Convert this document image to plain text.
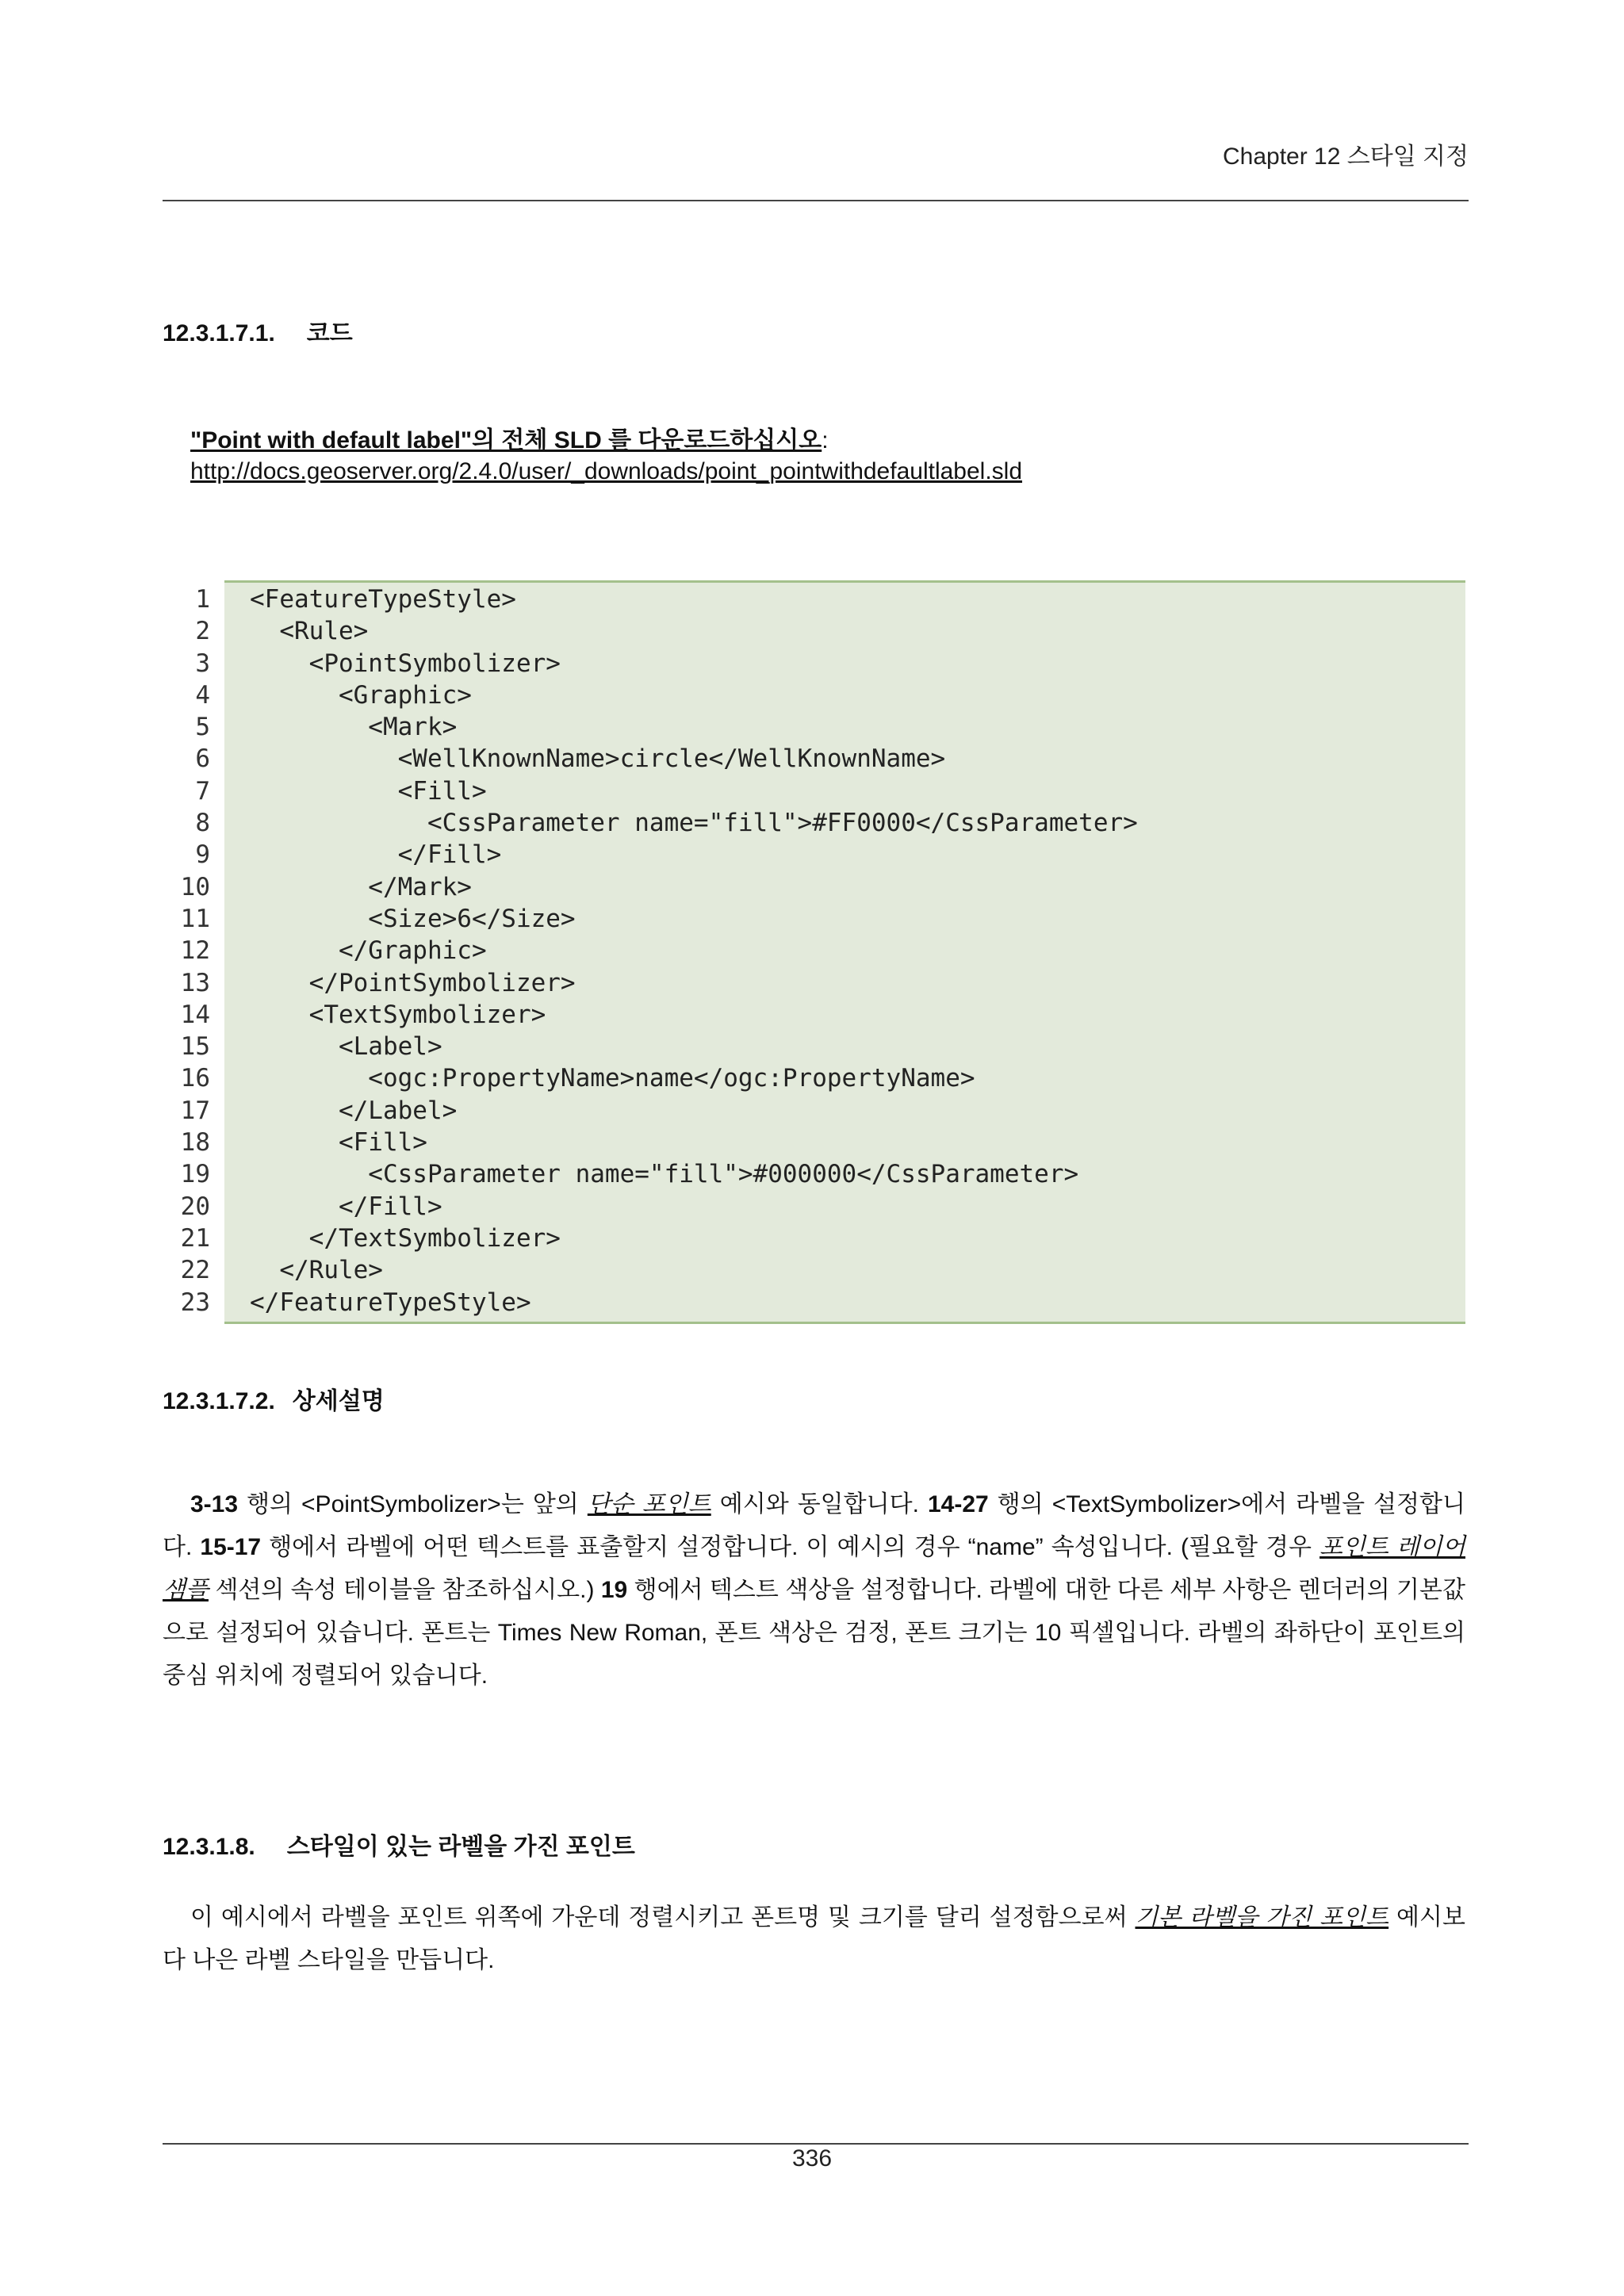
Chapter 12 스타일 지정
12.3.1.7.1. 코드
"Point with default label"의 전체 SLD 를 다운로드하십시오:
http://docs.geoserver.org/2.4.0/user/_downloads/point_pointwithdefaultlabel.sld
1 <FeatureTypeStyle>
2  <Rule>
3    <PointSymbolizer>
4      <Graphic>
5        <Mark>
6          <WellKnownName>circle</WellKnownName>
7          <Fill>
8            <CssParameter name="fill">#FF0000</CssParameter>
9          </Fill>
10        </Mark>
11        <Size>6</Size>
12      </Graphic>
13    </PointSymbolizer>
14    <TextSymbolizer>
15      <Label>
16        <ogc:PropertyName>name</ogc:PropertyName>
17      </Label>
18      <Fill>
19        <CssParameter name="fill">#000000</CssParameter>
20      </Fill>
21    </TextSymbolizer>
22  </Rule>
23 </FeatureTypeStyle>
12.3.1.7.2. 상세설명
3-13 행의 <PointSymbolizer>는 앞의 단순 포인트 예시와 동일합니다. 14-27 행의 <TextSymbolizer>에서 라벨을 설정합니다. 15-17 행에서 라벨에 어떤 텍스트를 표출할지 설정합니다. 이 예시의 경우 “name” 속성입니다. (필요할 경우 포인트 레이어 샘플 섹션의 속성 테이블을 참조하십시오.) 19 행에서 텍스트 색상을 설정합니다. 라벨에 대한 다른 세부 사항은 렌더러의 기본값으로 설정되어 있습니다. 폰트는 Times New Roman, 폰트 색상은 검정, 폰트 크기는 10 픽셀입니다. 라벨의 좌하단이 포인트의 중심 위치에 정렬되어 있습니다.
12.3.1.8. 스타일이 있는 라벨을 가진 포인트
이 예시에서 라벨을 포인트 위쪽에 가운데 정렬시키고 폰트명 및 크기를 달리 설정함으로써 기본 라벨을 가진 포인트 예시보다 나은 라벨 스타일을 만듭니다.
336
